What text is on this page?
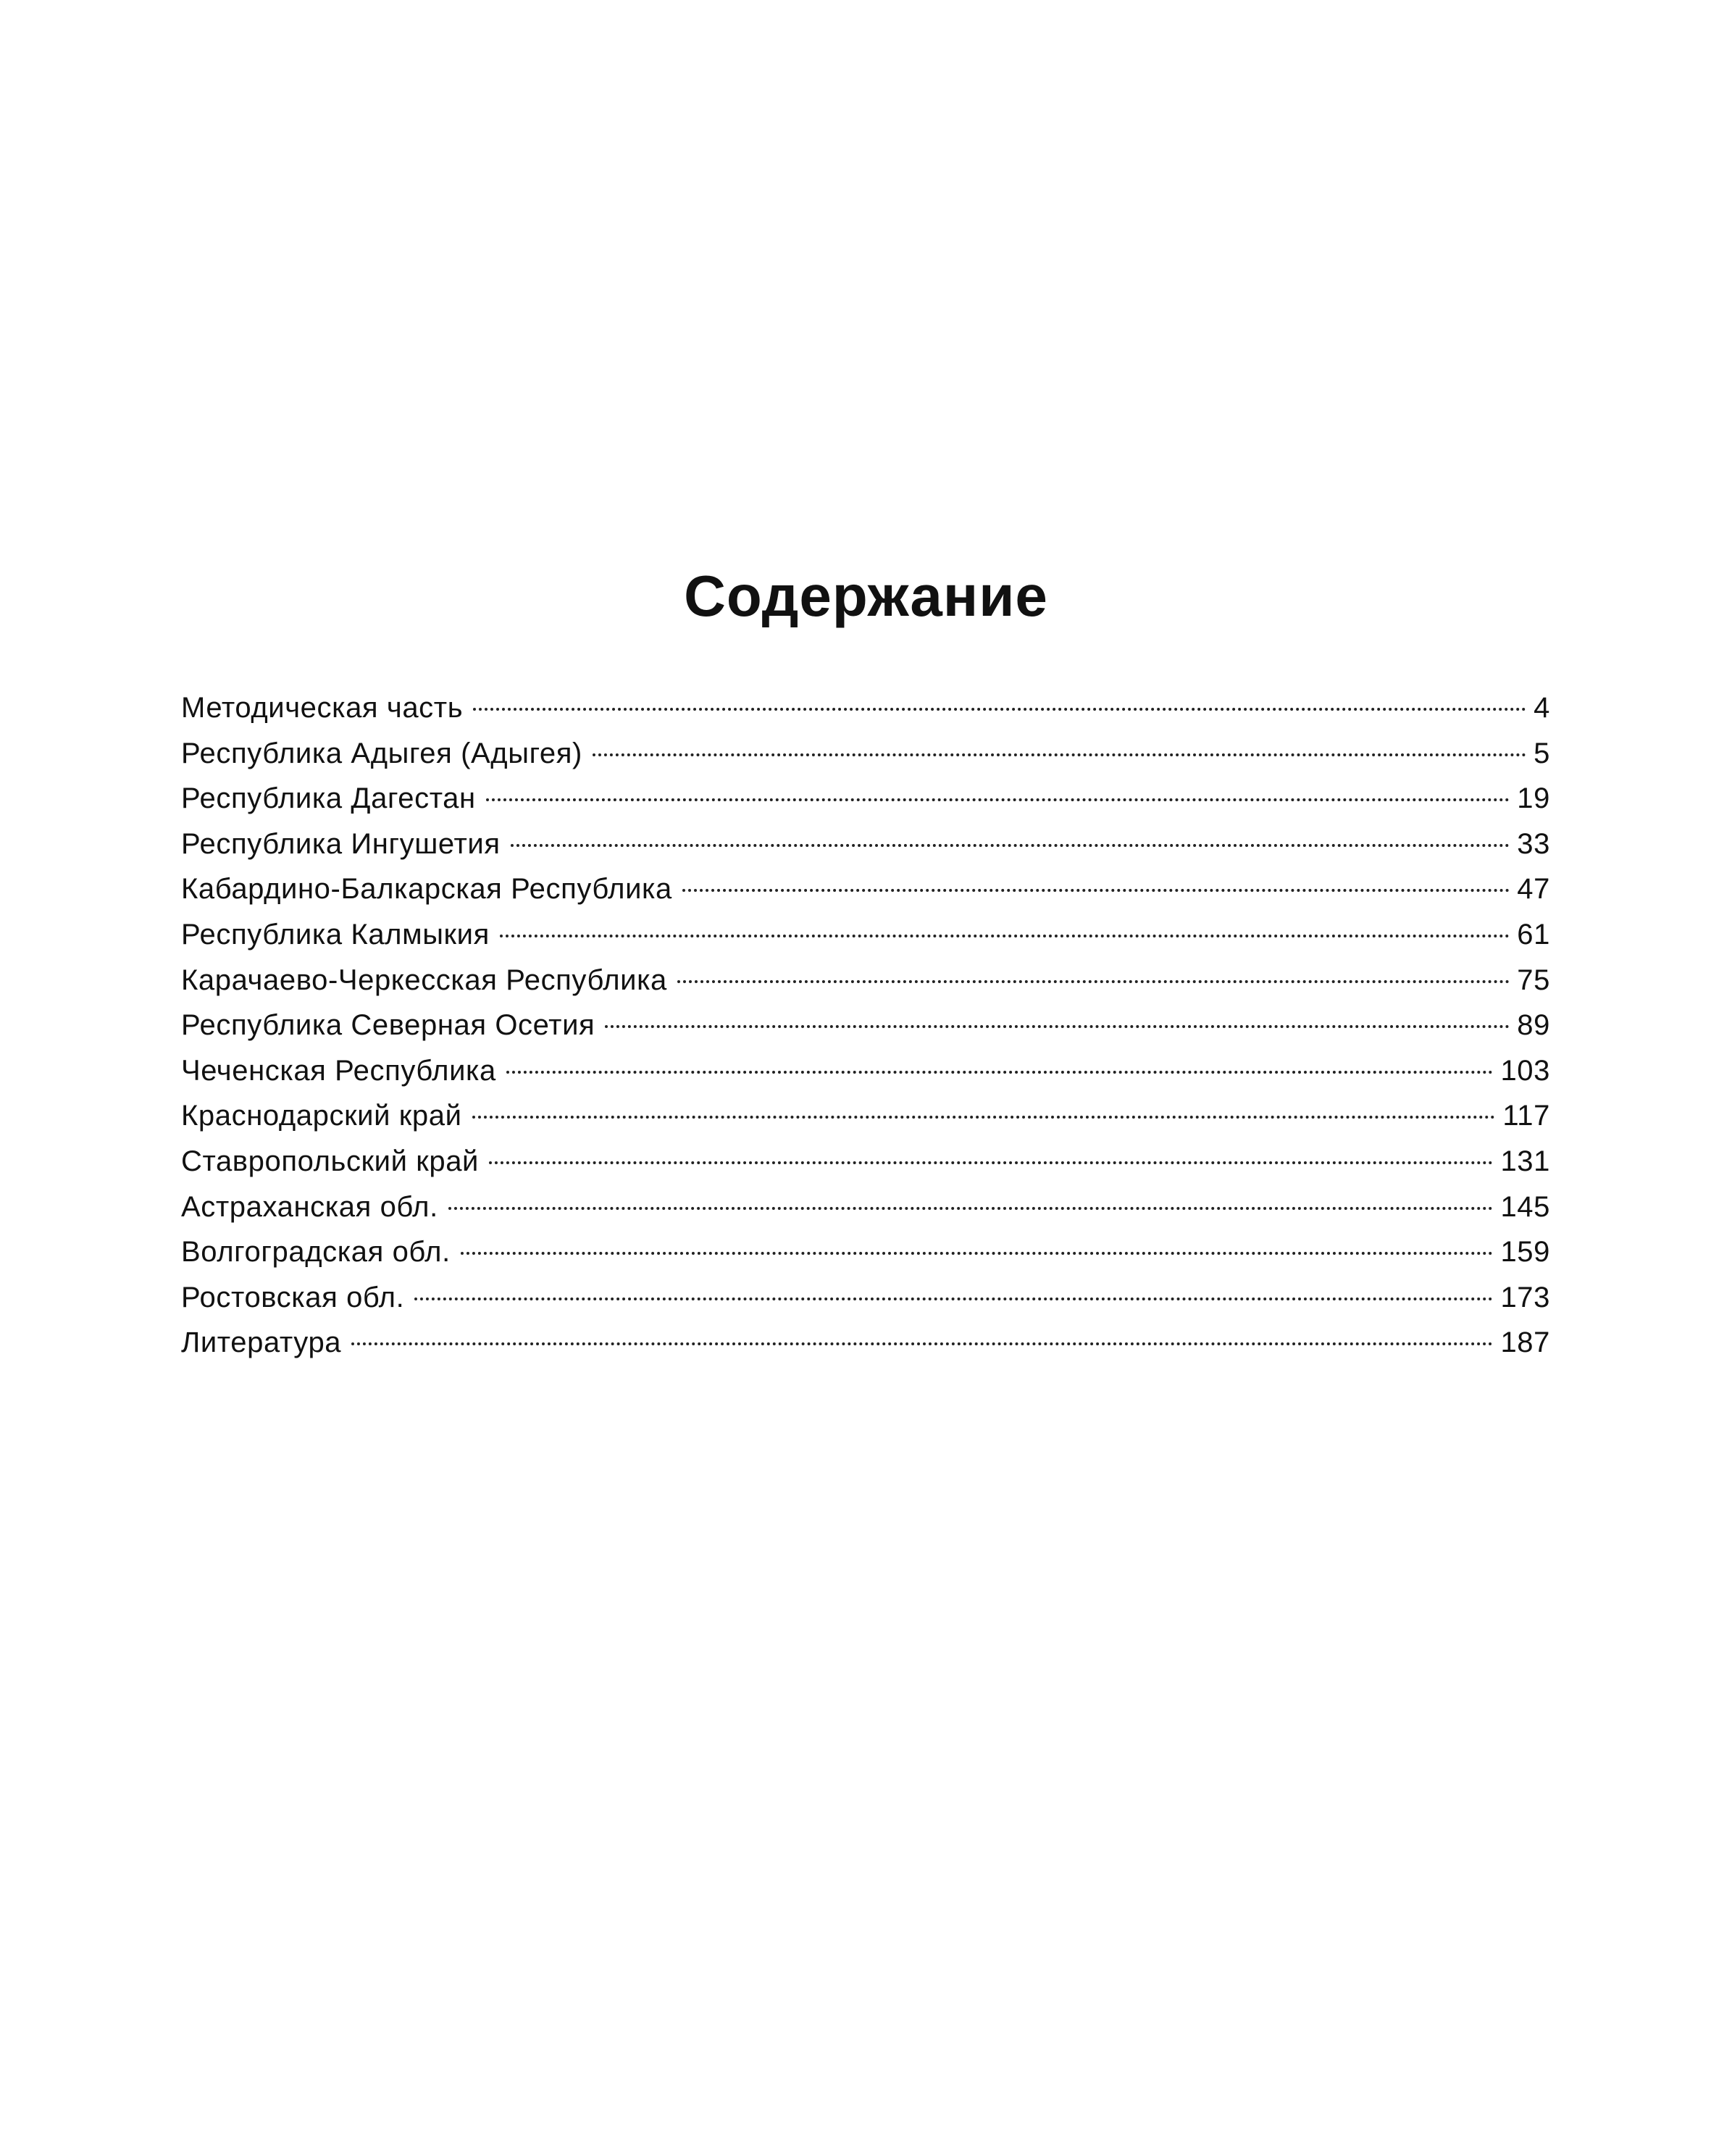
Содержание
Методическая часть	4
Республика Адыгея (Адыгея)	5
Республика Дагестан	19
Республика Ингушетия	33
Кабардино-Балкарская Республика	47
Республика Калмыкия	61
Карачаево-Черкесская Республика	75
Республика Северная Осетия	89
Чеченская Республика	103
Краснодарский край	117
Ставропольский край	131
Астраханская обл.	145
Волгоградская обл.	159
Ростовская обл.	173
Литература	187
